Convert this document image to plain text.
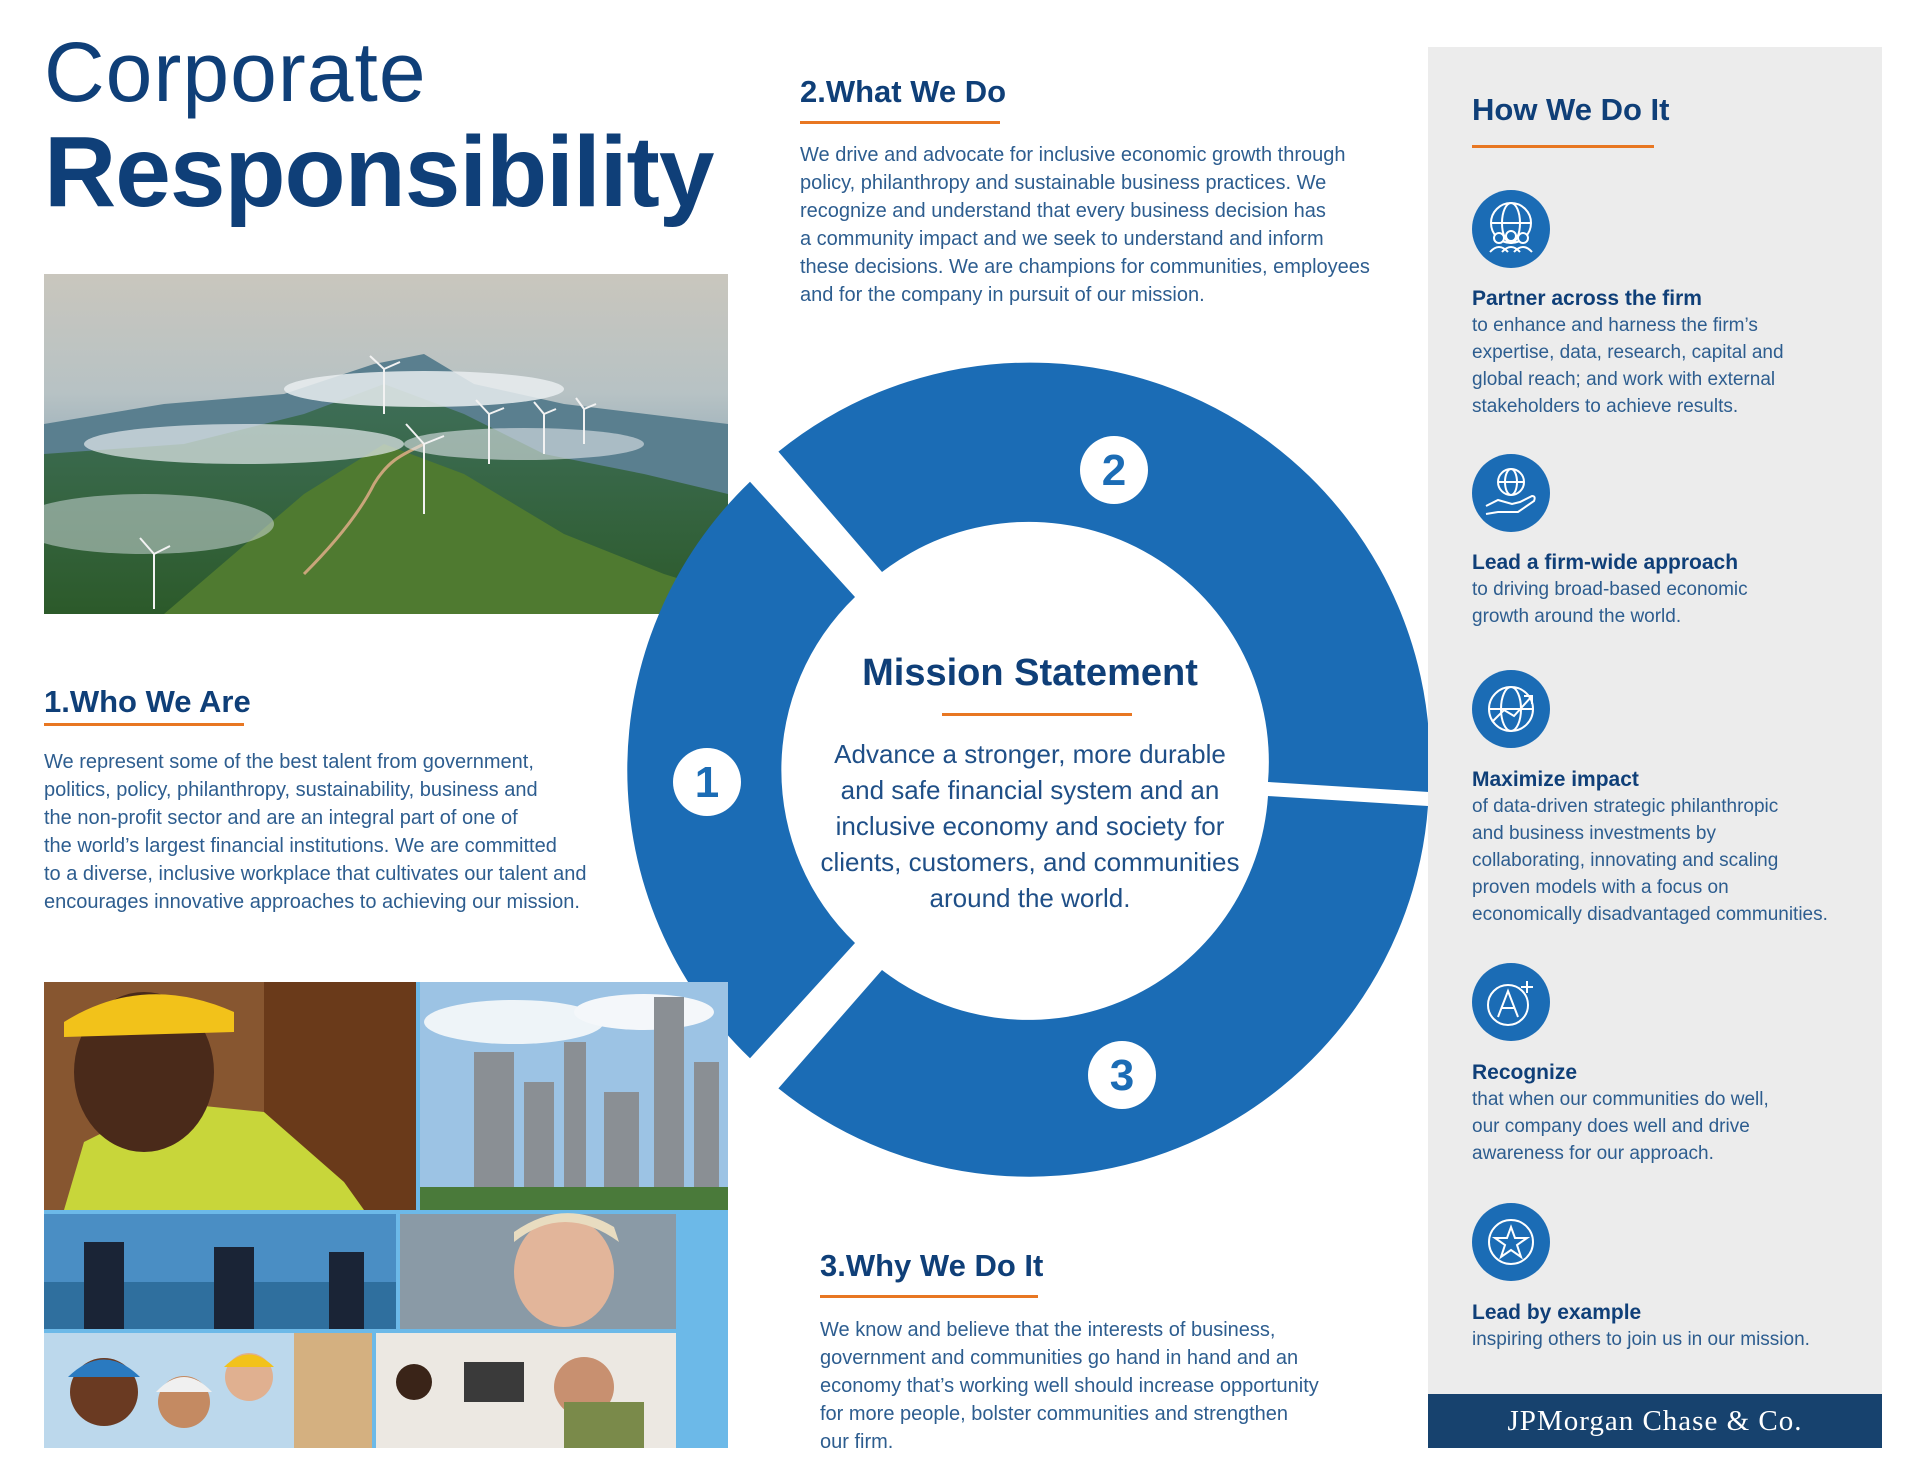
Corporate
Responsibility
1.Who We Are
We represent some of the best talent from government,
politics, policy, philanthropy, sustainability, business and
the non-profit sector and are an integral part of one of
the world’s largest financial institutions. We are committed
to a diverse, inclusive workplace that cultivates our talent and
encourages innovative approaches to achieving our mission.
2.What We Do
We drive and advocate for inclusive economic growth through
policy, philanthropy and sustainable business practices. We
recognize and understand that every business decision has
a community impact and we seek to understand and inform
these decisions. We are champions for communities, employees
and for the company in pursuit of our mission.
1
2
3
Mission Statement
Advance a stronger, more durable
and safe financial system and an
inclusive economy and society for
clients, customers, and communities
around the world.
3.Why We Do It
We know and believe that the interests of business,
government and communities go hand in hand and an
economy that’s working well should increase opportunity
for more people, bolster communities and strengthen
our firm.
How We Do It
Partner across the firm
to enhance and harness the firm’s
expertise, data, research, capital and
global reach; and work with external
stakeholders to achieve results.
Lead a firm-wide approach
to driving broad-based economic
growth around the world.
Maximize impact
of data-driven strategic philanthropic
and business investments by
collaborating, innovating and scaling
proven models with a focus on
economically disadvantaged communities.
Recognize
that when our communities do well,
our company does well and drive
awareness for our approach.
Lead by example
inspiring others to join us in our mission.
JPMorgan Chase & Co.
